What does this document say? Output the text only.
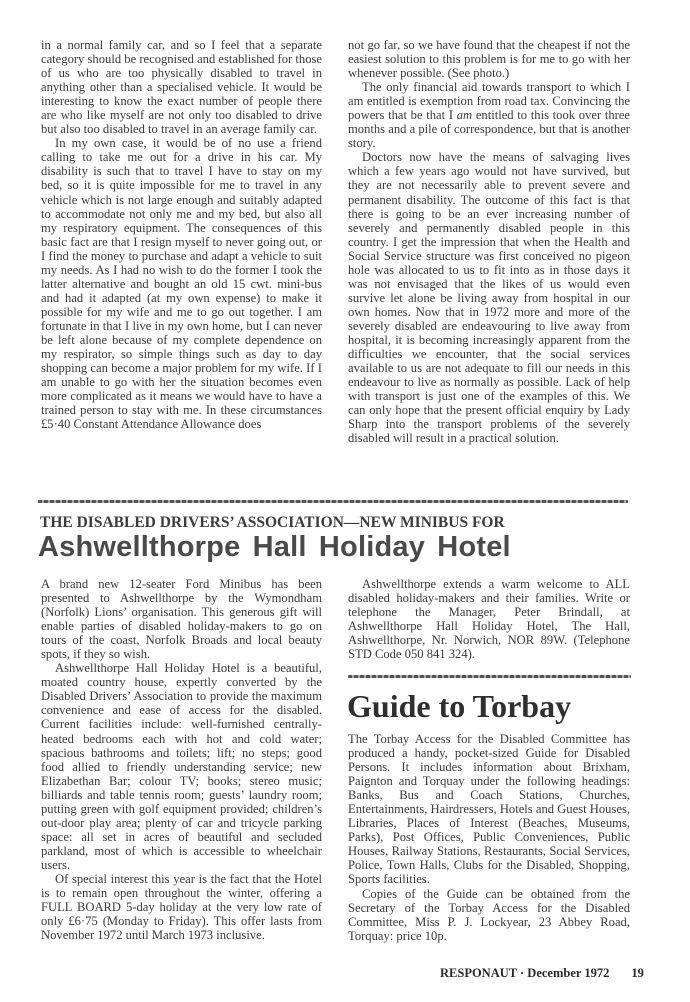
in a normal family car, and so I feel that a separate category should be recognised and established for those of us who are too physically disabled to travel in anything other than a specialised vehicle. It would be interesting to know the exact number of people there are who like myself are not only too disabled to drive but also too disabled to travel in an average family car.

In my own case, it would be of no use a friend calling to take me out for a drive in his car. My disability is such that to travel I have to stay on my bed, so it is quite impossible for me to travel in any vehicle which is not large enough and suitably adapted to accommodate not only me and my bed, but also all my respiratory equipment. The consequences of this basic fact are that I resign myself to never going out, or I find the money to purchase and adapt a vehicle to suit my needs. As I had no wish to do the former I took the latter alternative and bought an old 15 cwt. mini-bus and had it adapted (at my own expense) to make it possible for my wife and me to go out together. I am fortunate in that I live in my own home, but I can never be left alone because of my complete dependence on my respirator, so simple things such as day to day shopping can become a major problem for my wife. If I am unable to go with her the situation becomes even more complicated as it means we would have to have a trained person to stay with me. In these circumstances £5·40 Constant Attendance Allowance does

not go far, so we have found that the cheapest if not the easiest solution to this problem is for me to go with her whenever possible. (See photo.)

The only financial aid towards transport to which I am entitled is exemption from road tax. Convincing the powers that be that I am entitled to this took over three months and a pile of correspondence, but that is another story.

Doctors now have the means of salvaging lives which a few years ago would not have survived, but they are not necessarily able to prevent severe and permanent disability. The outcome of this fact is that there is going to be an ever increasing number of severely and permanently disabled people in this country. I get the impression that when the Health and Social Service structure was first conceived no pigeon hole was allocated to us to fit into as in those days it was not envisaged that the likes of us would even survive let alone be living away from hospital in our own homes. Now that in 1972 more and more of the severely disabled are endeavouring to live away from hospital, it is becoming increasingly apparent from the difficulties we encounter, that the social services available to us are not adequate to fill our needs in this endeavour to live as normally as possible. Lack of help with transport is just one of the examples of this. We can only hope that the present official enquiry by Lady Sharp into the transport problems of the severely disabled will result in a practical solution.

THE DISABLED DRIVERS’ ASSOCIATION—NEW MINIBUS FOR
Ashwellthorpe Hall Holiday Hotel

A brand new 12-seater Ford Minibus has been presented to Ashwellthorpe by the Wymondham (Norfolk) Lions’ organisation. This generous gift will enable parties of disabled holiday-makers to go on tours of the coast, Norfolk Broads and local beauty spots, if they so wish.

Ashwellthorpe Hall Holiday Hotel is a beautiful, moated country house, expertly converted by the Disabled Drivers’ Association to provide the maximum convenience and ease of access for the disabled. Current facilities include: well-furnished centrally-heated bedrooms each with hot and cold water; spacious bathrooms and toilets; lift; no steps; good food allied to friendly understanding service; new Elizabethan Bar; colour TV; books; stereo music; billiards and table tennis room; guests’ laundry room; putting green with golf equipment provided; children’s out-door play area; plenty of car and tricycle parking space: all set in acres of beautiful and secluded parkland, most of which is accessible to wheelchair users.

Of special interest this year is the fact that the Hotel is to remain open throughout the winter, offering a FULL BOARD 5-day holiday at the very low rate of only £6·75 (Monday to Friday). This offer lasts from November 1972 until March 1973 inclusive.

Ashwellthorpe extends a warm welcome to ALL disabled holiday-makers and their families. Write or telephone the Manager, Peter Brindall, at Ashwellthorpe Hall Holiday Hotel, The Hall, Ashwellthorpe, Nr. Norwich, NOR 89W. (Telephone STD Code 050 841 324).

Guide to Torbay

The Torbay Access for the Disabled Committee has produced a handy, pocket-sized Guide for Disabled Persons. It includes information about Brixham, Paignton and Torquay under the following headings: Banks, Bus and Coach Stations, Churches, Entertainments, Hairdressers, Hotels and Guest Houses, Libraries, Places of Interest (Beaches, Museums, Parks), Post Offices, Public Conveniences, Public Houses, Railway Stations, Restaurants, Social Services, Police, Town Halls, Clubs for the Disabled, Shopping, Sports facilities.

Copies of the Guide can be obtained from the Secretary of the Torbay Access for the Disabled Committee, Miss P. J. Lockyear, 23 Abbey Road, Torquay: price 10p.

RESPONAUT · December 1972 19
